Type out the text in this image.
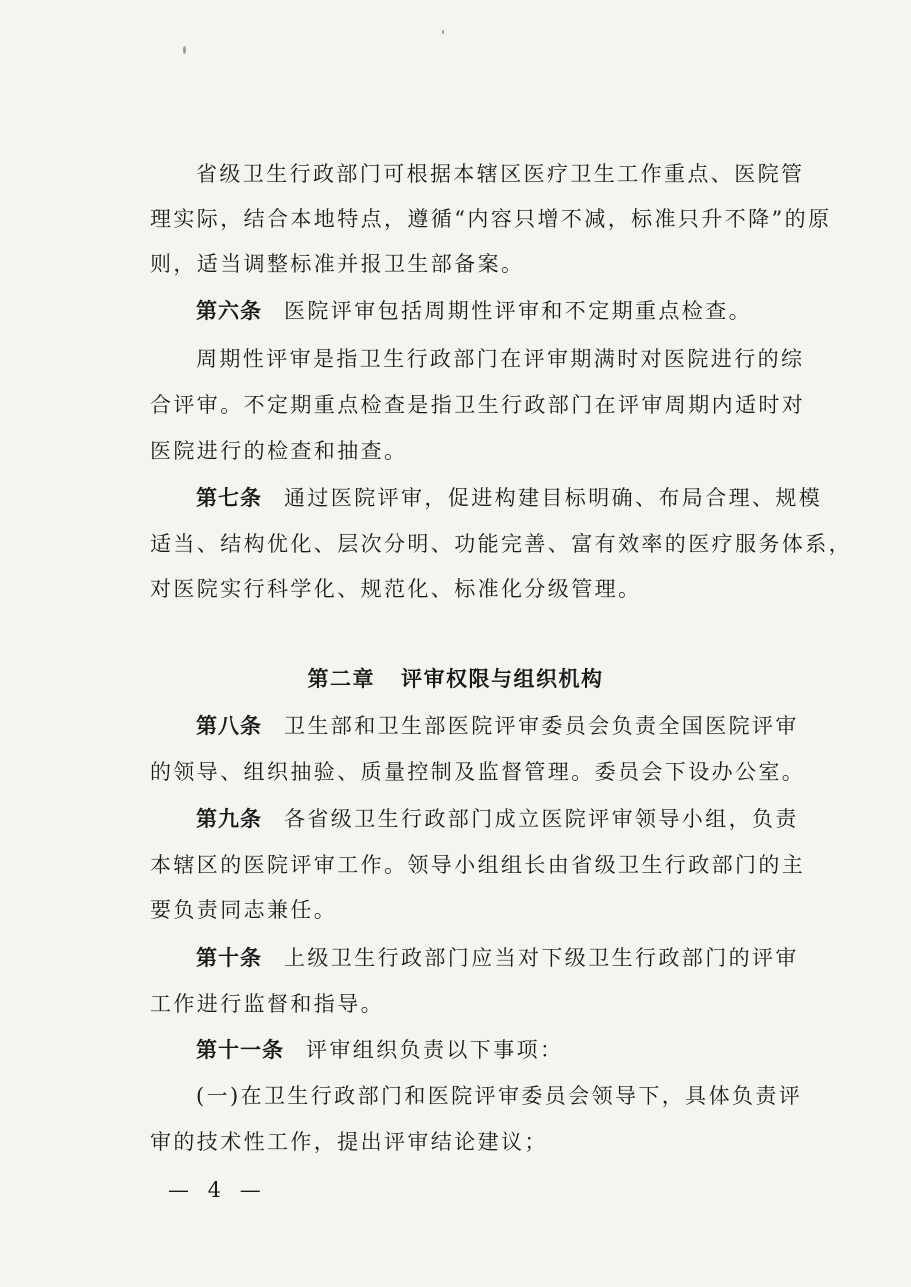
省级卫生行政部门可根据本辖区医疗卫生工作重点、医院管
理实际，结合本地特点，遵循“内容只增不减，标准只升不降”的原
则，适当调整标准并报卫生部备案。
第六条 医院评审包括周期性评审和不定期重点检查。
周期性评审是指卫生行政部门在评审期满时对医院进行的综
合评审。不定期重点检查是指卫生行政部门在评审周期内适时对
医院进行的检查和抽查。
第七条 通过医院评审，促进构建目标明确、布局合理、规模
适当、结构优化、层次分明、功能完善、富有效率的医疗服务体系，
对医院实行科学化、规范化、标准化分级管理。
第二章 评审权限与组织机构
第八条 卫生部和卫生部医院评审委员会负责全国医院评审
的领导、组织抽验、质量控制及监督管理。委员会下设办公室。
第九条 各省级卫生行政部门成立医院评审领导小组，负责
本辖区的医院评审工作。领导小组组长由省级卫生行政部门的主
要负责同志兼任。
第十条 上级卫生行政部门应当对下级卫生行政部门的评审
工作进行监督和指导。
第十一条 评审组织负责以下事项：
(一)在卫生行政部门和医院评审委员会领导下，具体负责评
审的技术性工作，提出评审结论建议；
— 4 —
